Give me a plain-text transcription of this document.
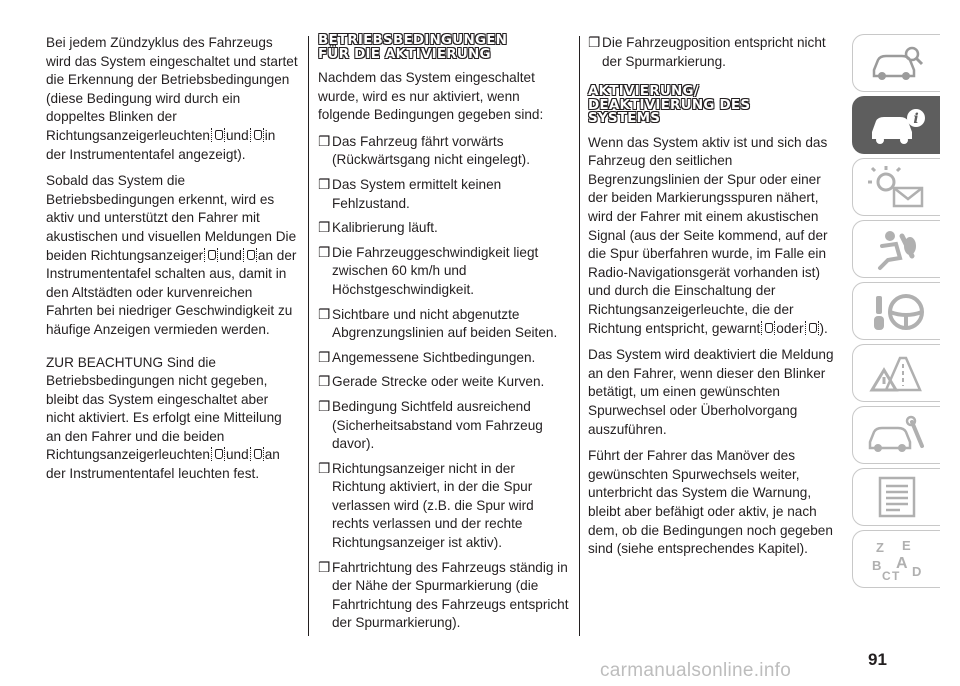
Bei jedem Zündzyklus des Fahrzeugs wird das System eingeschaltet und startet die Erkennung der Betriebsbedingungen (diese Bedingung wird durch ein doppeltes Blinken der Richtungsanzeigerleuchten und in der Instrumententafel angezeigt).

Sobald das System die Betriebsbedingungen erkennt, wird es aktiv und unterstützt den Fahrer mit akustischen und visuellen Meldungen Die beiden Richtungsanzeiger und an der Instrumententafel schalten aus, damit in den Altstädten oder kurvenreichen Fahrten bei niedriger Geschwindigkeit zu häufige Anzeigen vermieden werden.

ZUR BEACHTUNG Sind die Betriebsbedingungen nicht gegeben, bleibt das System eingeschaltet aber nicht aktiviert. Es erfolgt eine Mitteilung an den Fahrer und die beiden Richtungsanzeigerleuchten und an der Instrumententafel leuchten fest.

BETRIEBSBEDINGUNGEN
FÜR DIE AKTIVIERUNG

Nachdem das System eingeschaltet wurde, wird es nur aktiviert, wenn folgende Bedingungen gegeben sind:

❒ Das Fahrzeug fährt vorwärts (Rückwärtsgang nicht eingelegt).
❒ Das System ermittelt keinen Fehlzustand.
❒ Kalibrierung läuft.
❒ Die Fahrzeuggeschwindigkeit liegt zwischen 60 km/h und Höchstgeschwindigkeit.
❒ Sichtbare und nicht abgenutzte Abgrenzungslinien auf beiden Seiten.
❒ Angemessene Sichtbedingungen.
❒ Gerade Strecke oder weite Kurven.
❒ Bedingung Sichtfeld ausreichend (Sicherheitsabstand vom Fahrzeug davor).
❒ Richtungsanzeiger nicht in der Richtung aktiviert, in der die Spur verlassen wird (z.B. die Spur wird rechts verlassen und der rechte Richtungsanzeiger ist aktiv).
❒ Fahrtrichtung des Fahrzeugs ständig in der Nähe der Spurmarkierung (die Fahrtrichtung des Fahrzeugs entspricht der Spurmarkierung).
❒ Die Fahrzeugposition entspricht nicht der Spurmarkierung.
AKTIVIERUNG/
DEAKTIVIERUNG DES
SYSTEMS

Wenn das System aktiv ist und sich das Fahrzeug den seitlichen Begrenzungslinien der Spur oder einer der beiden Markierungsspuren nähert, wird der Fahrer mit einem akustischen Signal (aus der Seite kommend, auf der die Spur überfahren wurde, im Falle ein Radio-Navigationsgerät vorhanden ist) und durch die Einschaltung der Richtungsanzeigerleuchte, die der Richtung entspricht, gewarnt oder ).

Das System wird deaktiviert die Meldung an den Fahrer, wenn dieser den Blinker betätigt, um einen gewünschten Spurwechsel oder Überholvorgang auszuführen.

Führt der Fahrer das Manöver des gewünschten Spurwechsels weiter, unterbricht das System die Warnung, bleibt aber befähigt oder aktiv, je nach dem, ob die Bedingungen noch gegeben sind (siehe entsprechendes Kapitel).

i
Z E
A
B
C T D
91
carmanualsonline.info
